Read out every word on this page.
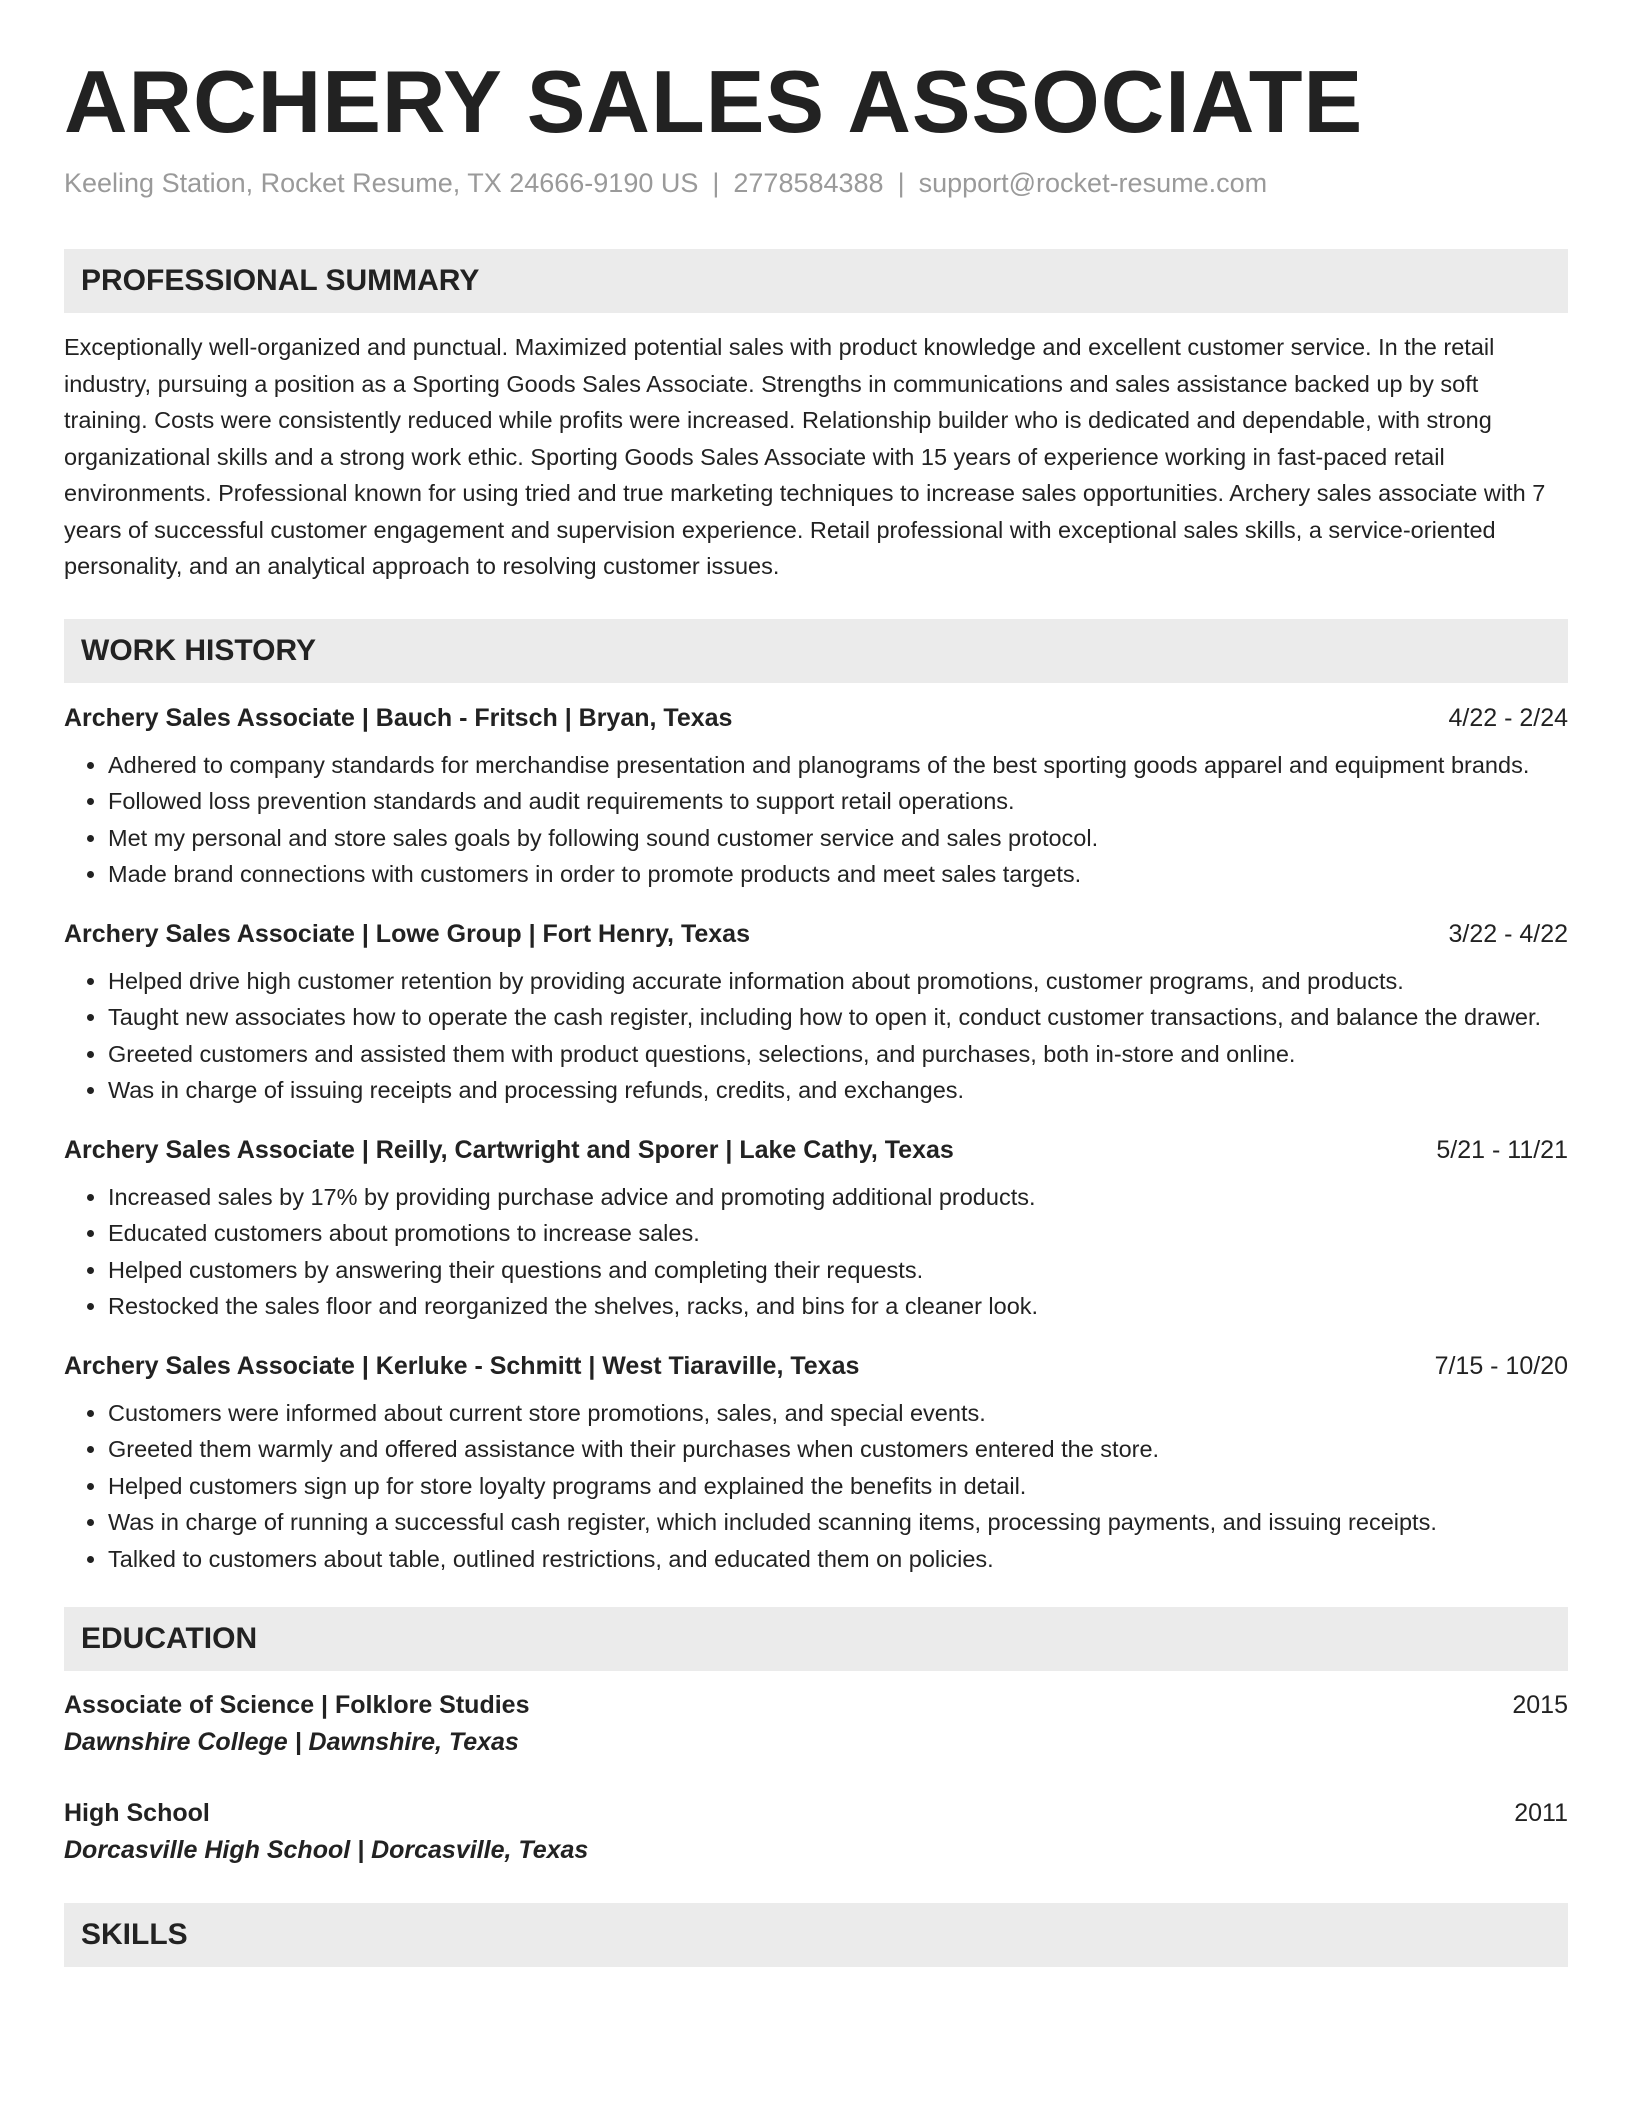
ARCHERY SALES ASSOCIATE
Keeling Station, Rocket Resume, TX 24666-9190 US | 2778584388 | support@rocket-resume.com
PROFESSIONAL SUMMARY

Exceptionally well-organized and punctual. Maximized potential sales with product knowledge and excellent customer service. In the retail industry, pursuing a position as a Sporting Goods Sales Associate. Strengths in communications and sales assistance backed up by soft training. Costs were consistently reduced while profits were increased. Relationship builder who is dedicated and dependable, with strong organizational skills and a strong work ethic. Sporting Goods Sales Associate with 15 years of experience working in fast-paced retail environments. Professional known for using tried and true marketing techniques to increase sales opportunities. Archery sales associate with 7 years of successful customer engagement and supervision experience. Retail professional with exceptional sales skills, a service-oriented personality, and an analytical approach to resolving customer issues.

WORK HISTORY
Archery Sales Associate | Bauch - Fritsch | Bryan, Texas	4/22 - 2/24
• Adhered to company standards for merchandise presentation and planograms of the best sporting goods apparel and equipment brands.
• Followed loss prevention standards and audit requirements to support retail operations.
• Met my personal and store sales goals by following sound customer service and sales protocol.
• Made brand connections with customers in order to promote products and meet sales targets.
Archery Sales Associate | Lowe Group | Fort Henry, Texas	3/22 - 4/22
• Helped drive high customer retention by providing accurate information about promotions, customer programs, and products.
• Taught new associates how to operate the cash register, including how to open it, conduct customer transactions, and balance the drawer.
• Greeted customers and assisted them with product questions, selections, and purchases, both in-store and online.
• Was in charge of issuing receipts and processing refunds, credits, and exchanges.
Archery Sales Associate | Reilly, Cartwright and Sporer | Lake Cathy, Texas	5/21 - 11/21
• Increased sales by 17% by providing purchase advice and promoting additional products.
• Educated customers about promotions to increase sales.
• Helped customers by answering their questions and completing their requests.
• Restocked the sales floor and reorganized the shelves, racks, and bins for a cleaner look.
Archery Sales Associate | Kerluke - Schmitt | West Tiaraville, Texas	7/15 - 10/20
• Customers were informed about current store promotions, sales, and special events.
• Greeted them warmly and offered assistance with their purchases when customers entered the store.
• Helped customers sign up for store loyalty programs and explained the benefits in detail.
• Was in charge of running a successful cash register, which included scanning items, processing payments, and issuing receipts.
• Talked to customers about table, outlined restrictions, and educated them on policies.
EDUCATION
Associate of Science | Folklore Studies	2015
Dawnshire College | Dawnshire, Texas
High School	2011
Dorcasville High School | Dorcasville, Texas
SKILLS
